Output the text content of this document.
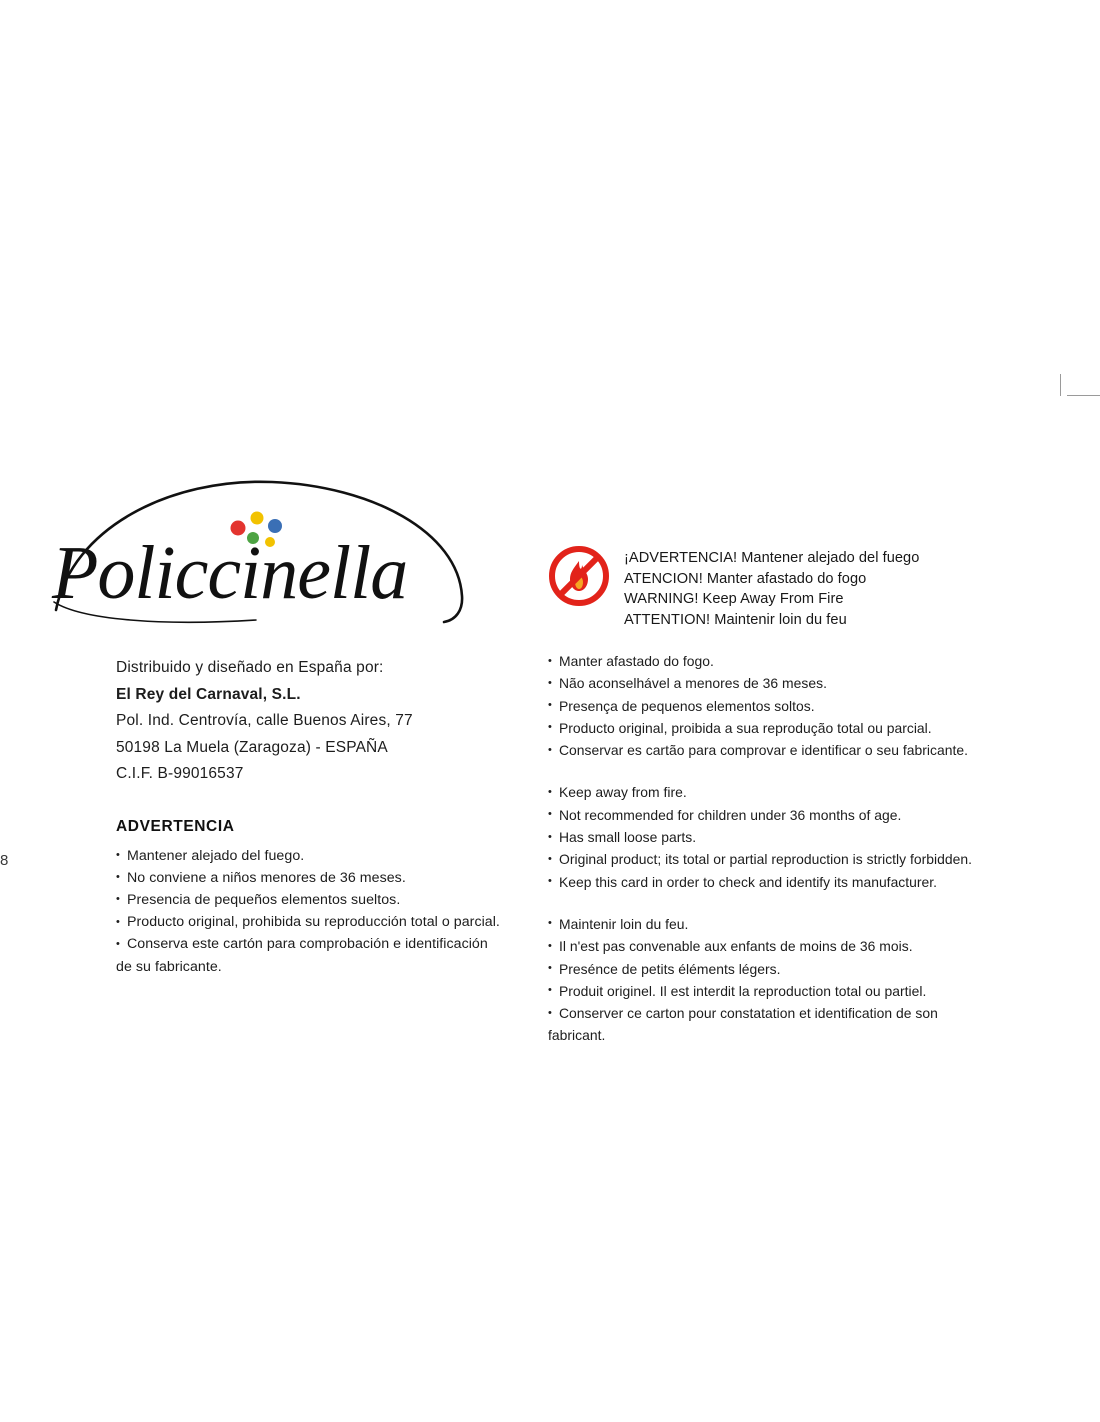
8
Policcinella
Distribuido y diseñado en España por:
El Rey del Carnaval, S.L.
Pol. Ind. Centrovía, calle Buenos Aires, 77
50198 La Muela (Zaragoza) - ESPAÑA
C.I.F. B-99016537
ADVERTENCIA
• Mantener alejado del fuego.
• No conviene a niños menores de 36 meses.
• Presencia de pequeños elementos sueltos.
• Producto original, prohibida su reproducción total o parcial.
• Conserva este cartón para comprobación e identificación
de su fabricante.
¡ADVERTENCIA! Mantener alejado del fuego
ATENCION! Manter afastado do fogo
WARNING! Keep Away From Fire
ATTENTION! Maintenir loin du feu
• Manter afastado do fogo.
• Não aconselhável a menores de 36 meses.
• Presença de pequenos elementos soltos.
• Producto original, proibida a sua reprodução total ou parcial.
• Conservar es cartão para comprovar e identificar o seu fabricante.
• Keep away from fire.
• Not recommended for children under 36 months of age.
• Has small loose parts.
• Original product; its total or partial reproduction is strictly forbidden.
• Keep this card in order to check and identify its manufacturer.
• Maintenir loin du feu.
• Il n'est pas convenable aux enfants de moins de 36 mois.
• Presénce de petits éléments légers.
• Produit originel. Il est interdit la reproduction total ou partiel.
• Conserver ce carton pour constatation et identification de son
fabricant.
